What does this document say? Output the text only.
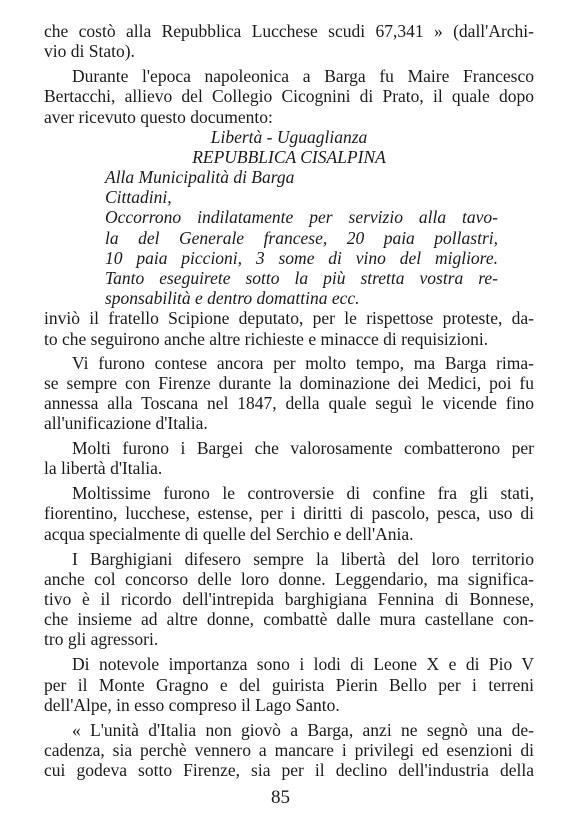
che costò alla Repubblica Lucchese scudi 67,341 » (dall'Archi-
vio di Stato).
Durante l'epoca napoleonica a Barga fu Maire Francesco
Bertacchi, allievo del Collegio Cicognini di Prato, il quale dopo
aver ricevuto questo documento:
Libertà - Uguaglianza
REPUBBLICA CISALPINA
Alla Municipalità di Barga
Cittadini,
Occorrono indilatamente per servizio alla tavo-
la del Generale francese, 20 paia pollastri,
10 paia piccioni, 3 some di vino del migliore.
Tanto eseguirete sotto la più stretta vostra re-
sponsabilità e dentro domattina ecc.
inviò il fratello Scipione deputato, per le rispettose proteste, da-
to che seguirono anche altre richieste e minacce di requisizioni.
Vi furono contese ancora per molto tempo, ma Barga rima-
se sempre con Firenze durante la dominazione dei Medici, poi fu
annessa alla Toscana nel 1847, della quale seguì le vicende fino
all'unificazione d'Italia.
Molti furono i Bargei che valorosamente combatterono per
la libertà d'Italia.
Moltissime furono le controversie di confine fra gli stati,
fiorentino, lucchese, estense, per i diritti di pascolo, pesca, uso di
acqua specialmente di quelle del Serchio e dell'Ania.
I Barghigiani difesero sempre la libertà del loro territorio
anche col concorso delle loro donne. Leggendario, ma significa-
tivo è il ricordo dell'intrepida barghigiana Fennina di Bonnese,
che insieme ad altre donne, combattè dalle mura castellane con-
tro gli agressori.
Di notevole importanza sono i lodi di Leone X e di Pio V
per il Monte Gragno e del guirista Pierin Bello per i terreni
dell'Alpe, in esso compreso il Lago Santo.
« L'unità d'Italia non giovò a Barga, anzi ne segnò una de-
cadenza, sia perchè vennero a mancare i privilegi ed esenzioni di
cui godeva sotto Firenze, sia per il declino dell'industria della
85
